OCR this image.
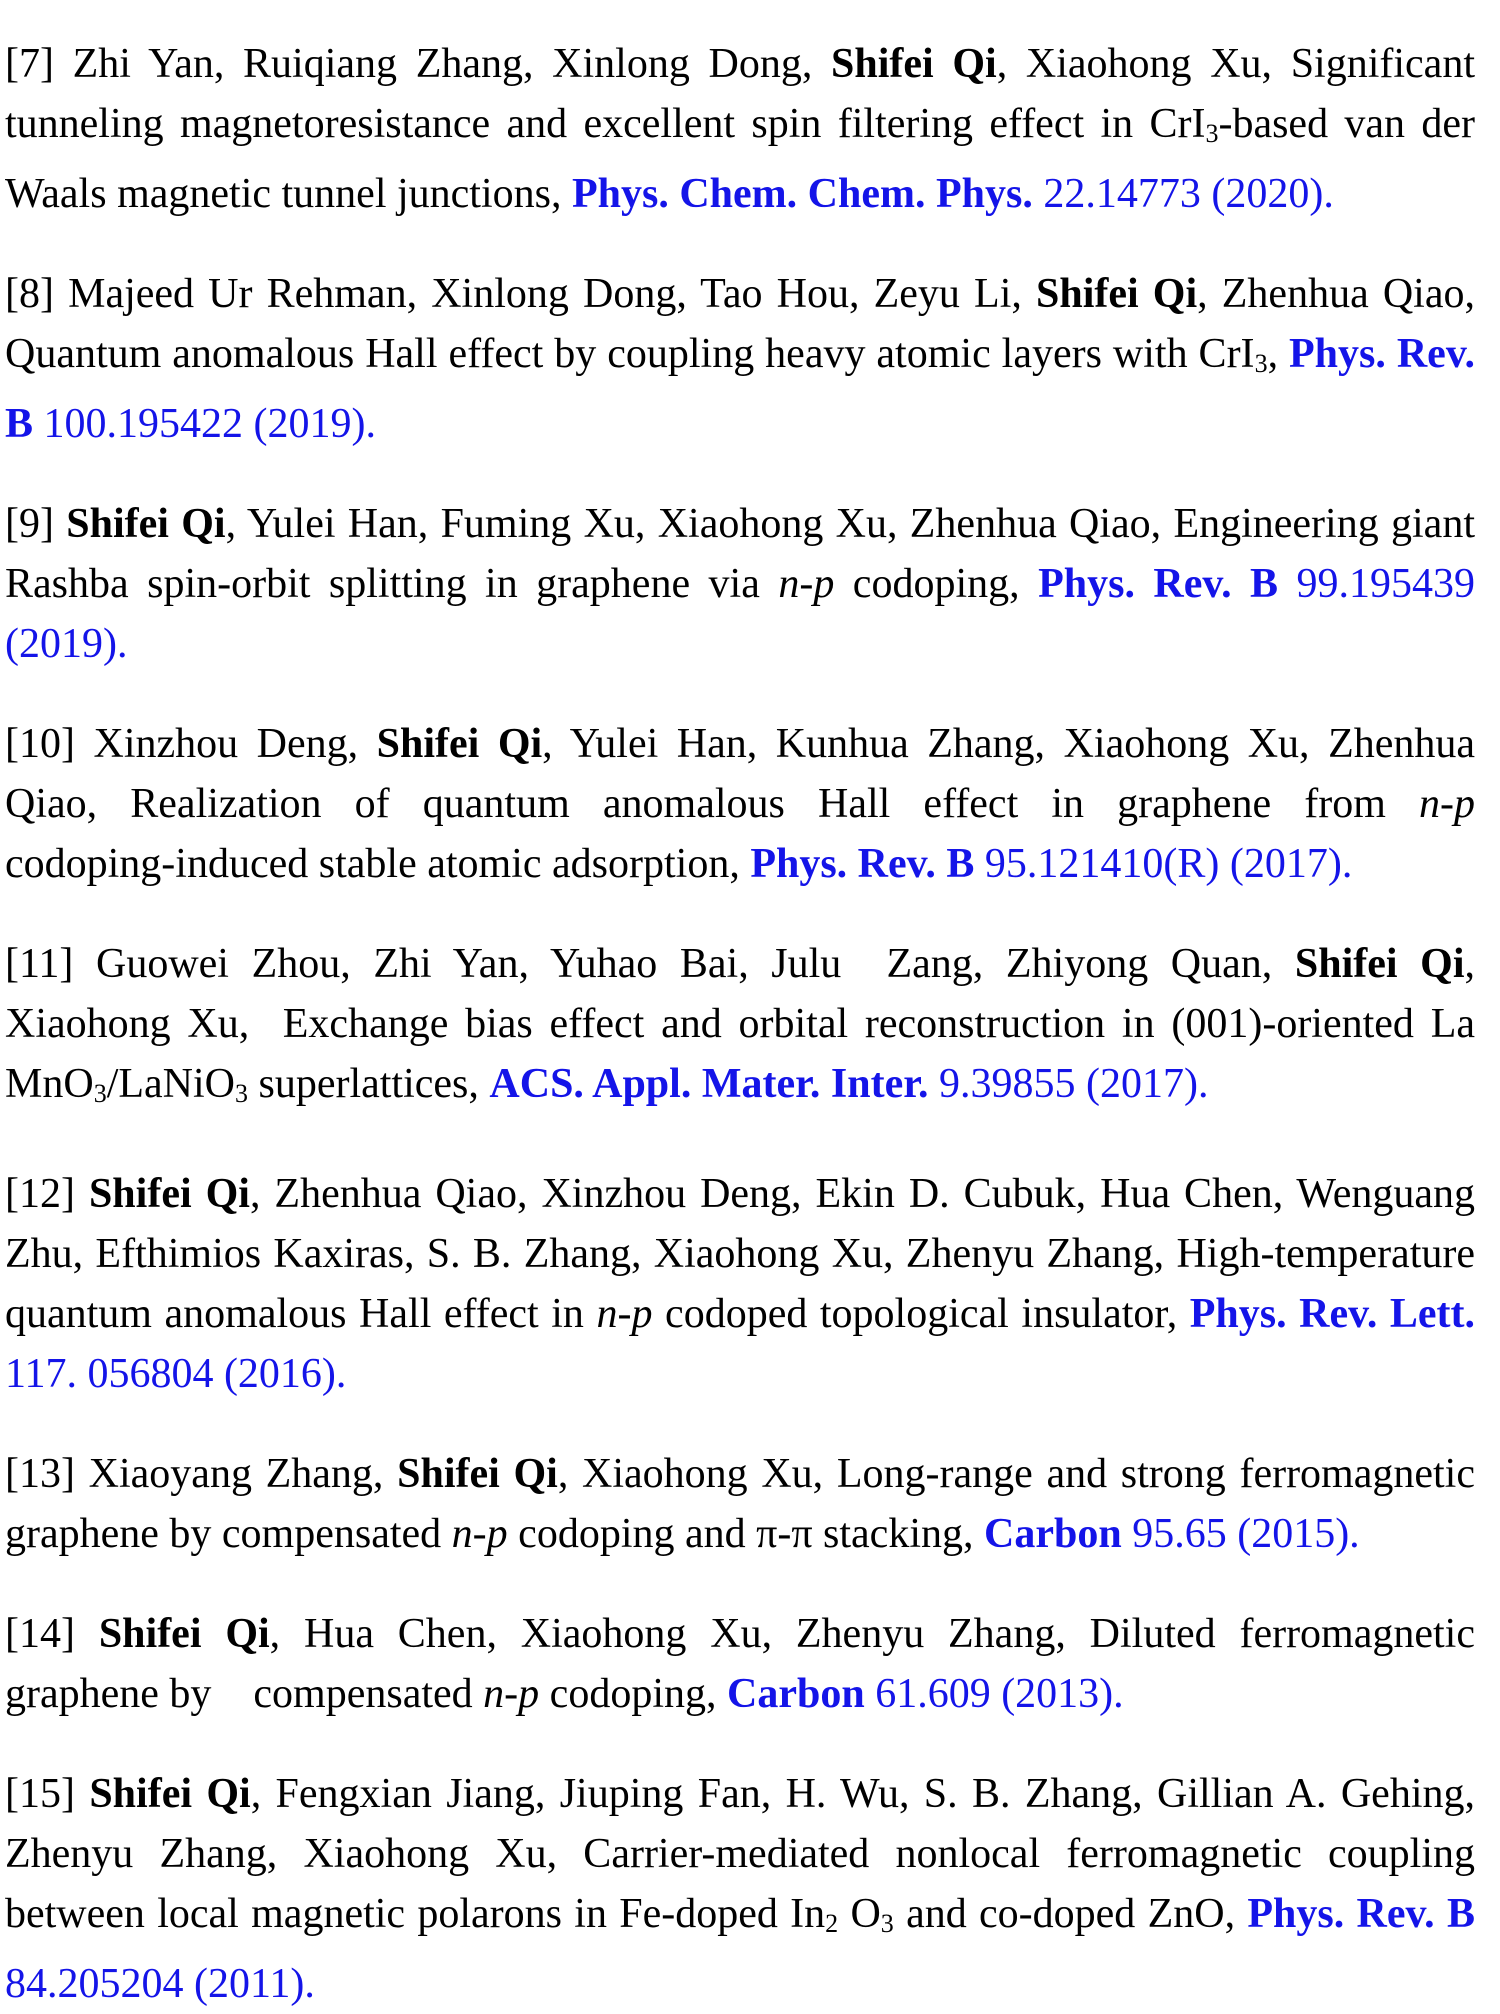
[7] Zhi Yan, Ruiqiang Zhang, Xinlong Dong, Shifei Qi, Xiaohong Xu, Significant tunneling magnetoresistance and excellent spin filtering effect in CrI3-based van der Waals magnetic tunnel junctions, Phys. Chem. Chem. Phys. 22.14773 (2020).

[8] Majeed Ur Rehman, Xinlong Dong, Tao Hou, Zeyu Li, Shifei Qi, Zhenhua Qiao, Quantum anomalous Hall effect by coupling heavy atomic layers with CrI3, Phys. Rev. B 100.195422 (2019).

[9] Shifei Qi, Yulei Han, Fuming Xu, Xiaohong Xu, Zhenhua Qiao, Engineering giant Rashba spin-orbit splitting in graphene via n-p codoping, Phys. Rev. B 99.195439 (2019).

[10] Xinzhou Deng, Shifei Qi, Yulei Han, Kunhua Zhang, Xiaohong Xu, Zhenhua Qiao, Realization of quantum anomalous Hall effect in graphene from n-p codoping-induced stable atomic adsorption, Phys. Rev. B 95.121410(R) (2017).

[11] Guowei Zhou, Zhi Yan, Yuhao Bai, Julu  Zang, Zhiyong Quan, Shifei Qi, Xiaohong Xu,  Exchange bias effect and orbital reconstruction in (001)-oriented La MnO3/LaNiO3 superlattices, ACS. Appl. Mater. Inter. 9.39855 (2017).

[12] Shifei Qi, Zhenhua Qiao, Xinzhou Deng, Ekin D. Cubuk, Hua Chen, Wenguang Zhu, Efthimios Kaxiras, S. B. Zhang, Xiaohong Xu, Zhenyu Zhang, High-temperature quantum anomalous Hall effect in n-p codoped topological insulator, Phys. Rev. Lett. 117. 056804 (2016).

[13] Xiaoyang Zhang, Shifei Qi, Xiaohong Xu, Long-range and strong ferromagnetic graphene by compensated n-p codoping and π-π stacking, Carbon 95.65 (2015).

[14] Shifei Qi, Hua Chen, Xiaohong Xu, Zhenyu Zhang, Diluted ferromagnetic graphene by    compensated n-p codoping, Carbon 61.609 (2013).

[15] Shifei Qi, Fengxian Jiang, Jiuping Fan, H. Wu, S. B. Zhang, Gillian A. Gehing, Zhenyu Zhang, Xiaohong Xu, Carrier-mediated nonlocal ferromagnetic coupling between local magnetic polarons in Fe-doped In2 O3 and co-doped ZnO, Phys. Rev. B 84.205204 (2011).
